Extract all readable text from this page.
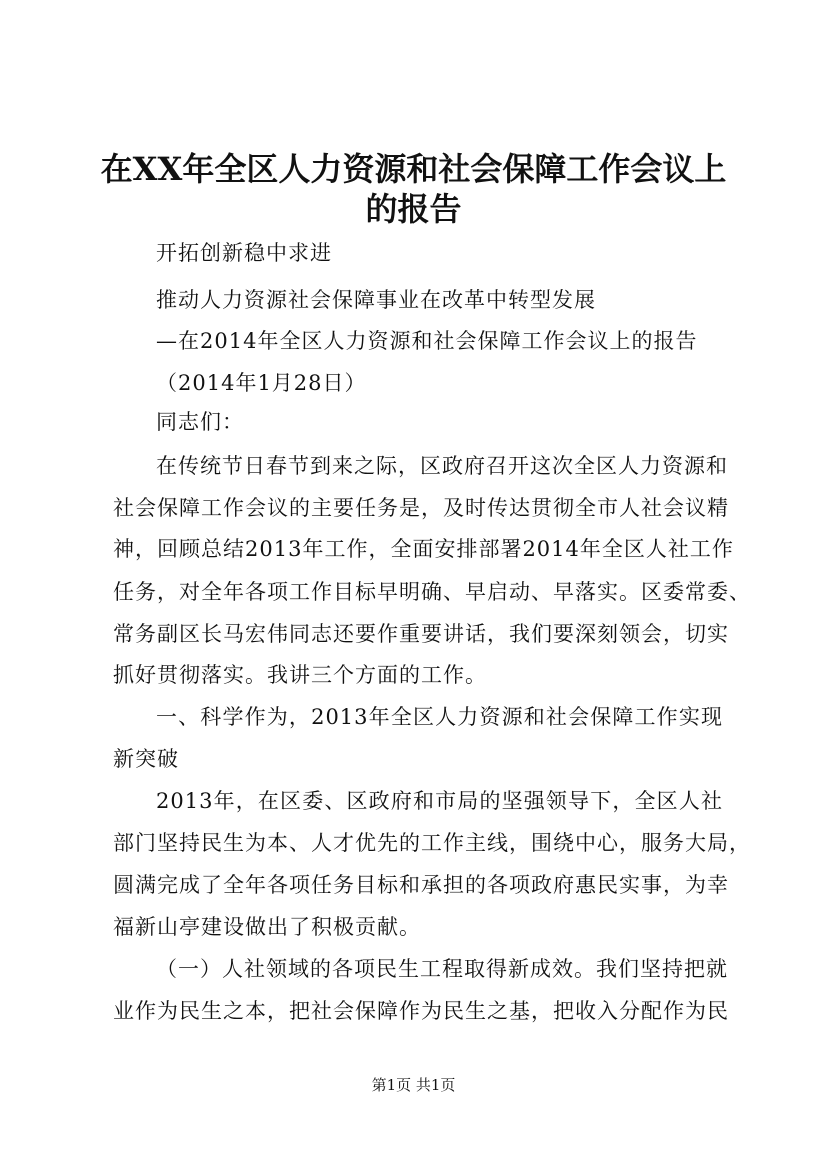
在XX年全区人力资源和社会保障工作会议上
的报告
开拓创新稳中求进
推动人力资源社会保障事业在改革中转型发展
—在2014年全区人力资源和社会保障工作会议上的报告
（2014年1月28日）
同志们：
在传统节日春节到来之际，区政府召开这次全区人力资源和
社会保障工作会议的主要任务是，及时传达贯彻全市人社会议精
神，回顾总结2013年工作，全面安排部署2014年全区人社工作
任务，对全年各项工作目标早明确、早启动、早落实。区委常委、
常务副区长马宏伟同志还要作重要讲话，我们要深刻领会，切实
抓好贯彻落实。我讲三个方面的工作。
一、科学作为，2013年全区人力资源和社会保障工作实现
新突破
2013年，在区委、区政府和市局的坚强领导下，全区人社
部门坚持民生为本、人才优先的工作主线，围绕中心，服务大局，
圆满完成了全年各项任务目标和承担的各项政府惠民实事，为幸
福新山亭建设做出了积极贡献。
（一）人社领域的各项民生工程取得新成效。我们坚持把就
业作为民生之本，把社会保障作为民生之基，把收入分配作为民
第1页 共1页
